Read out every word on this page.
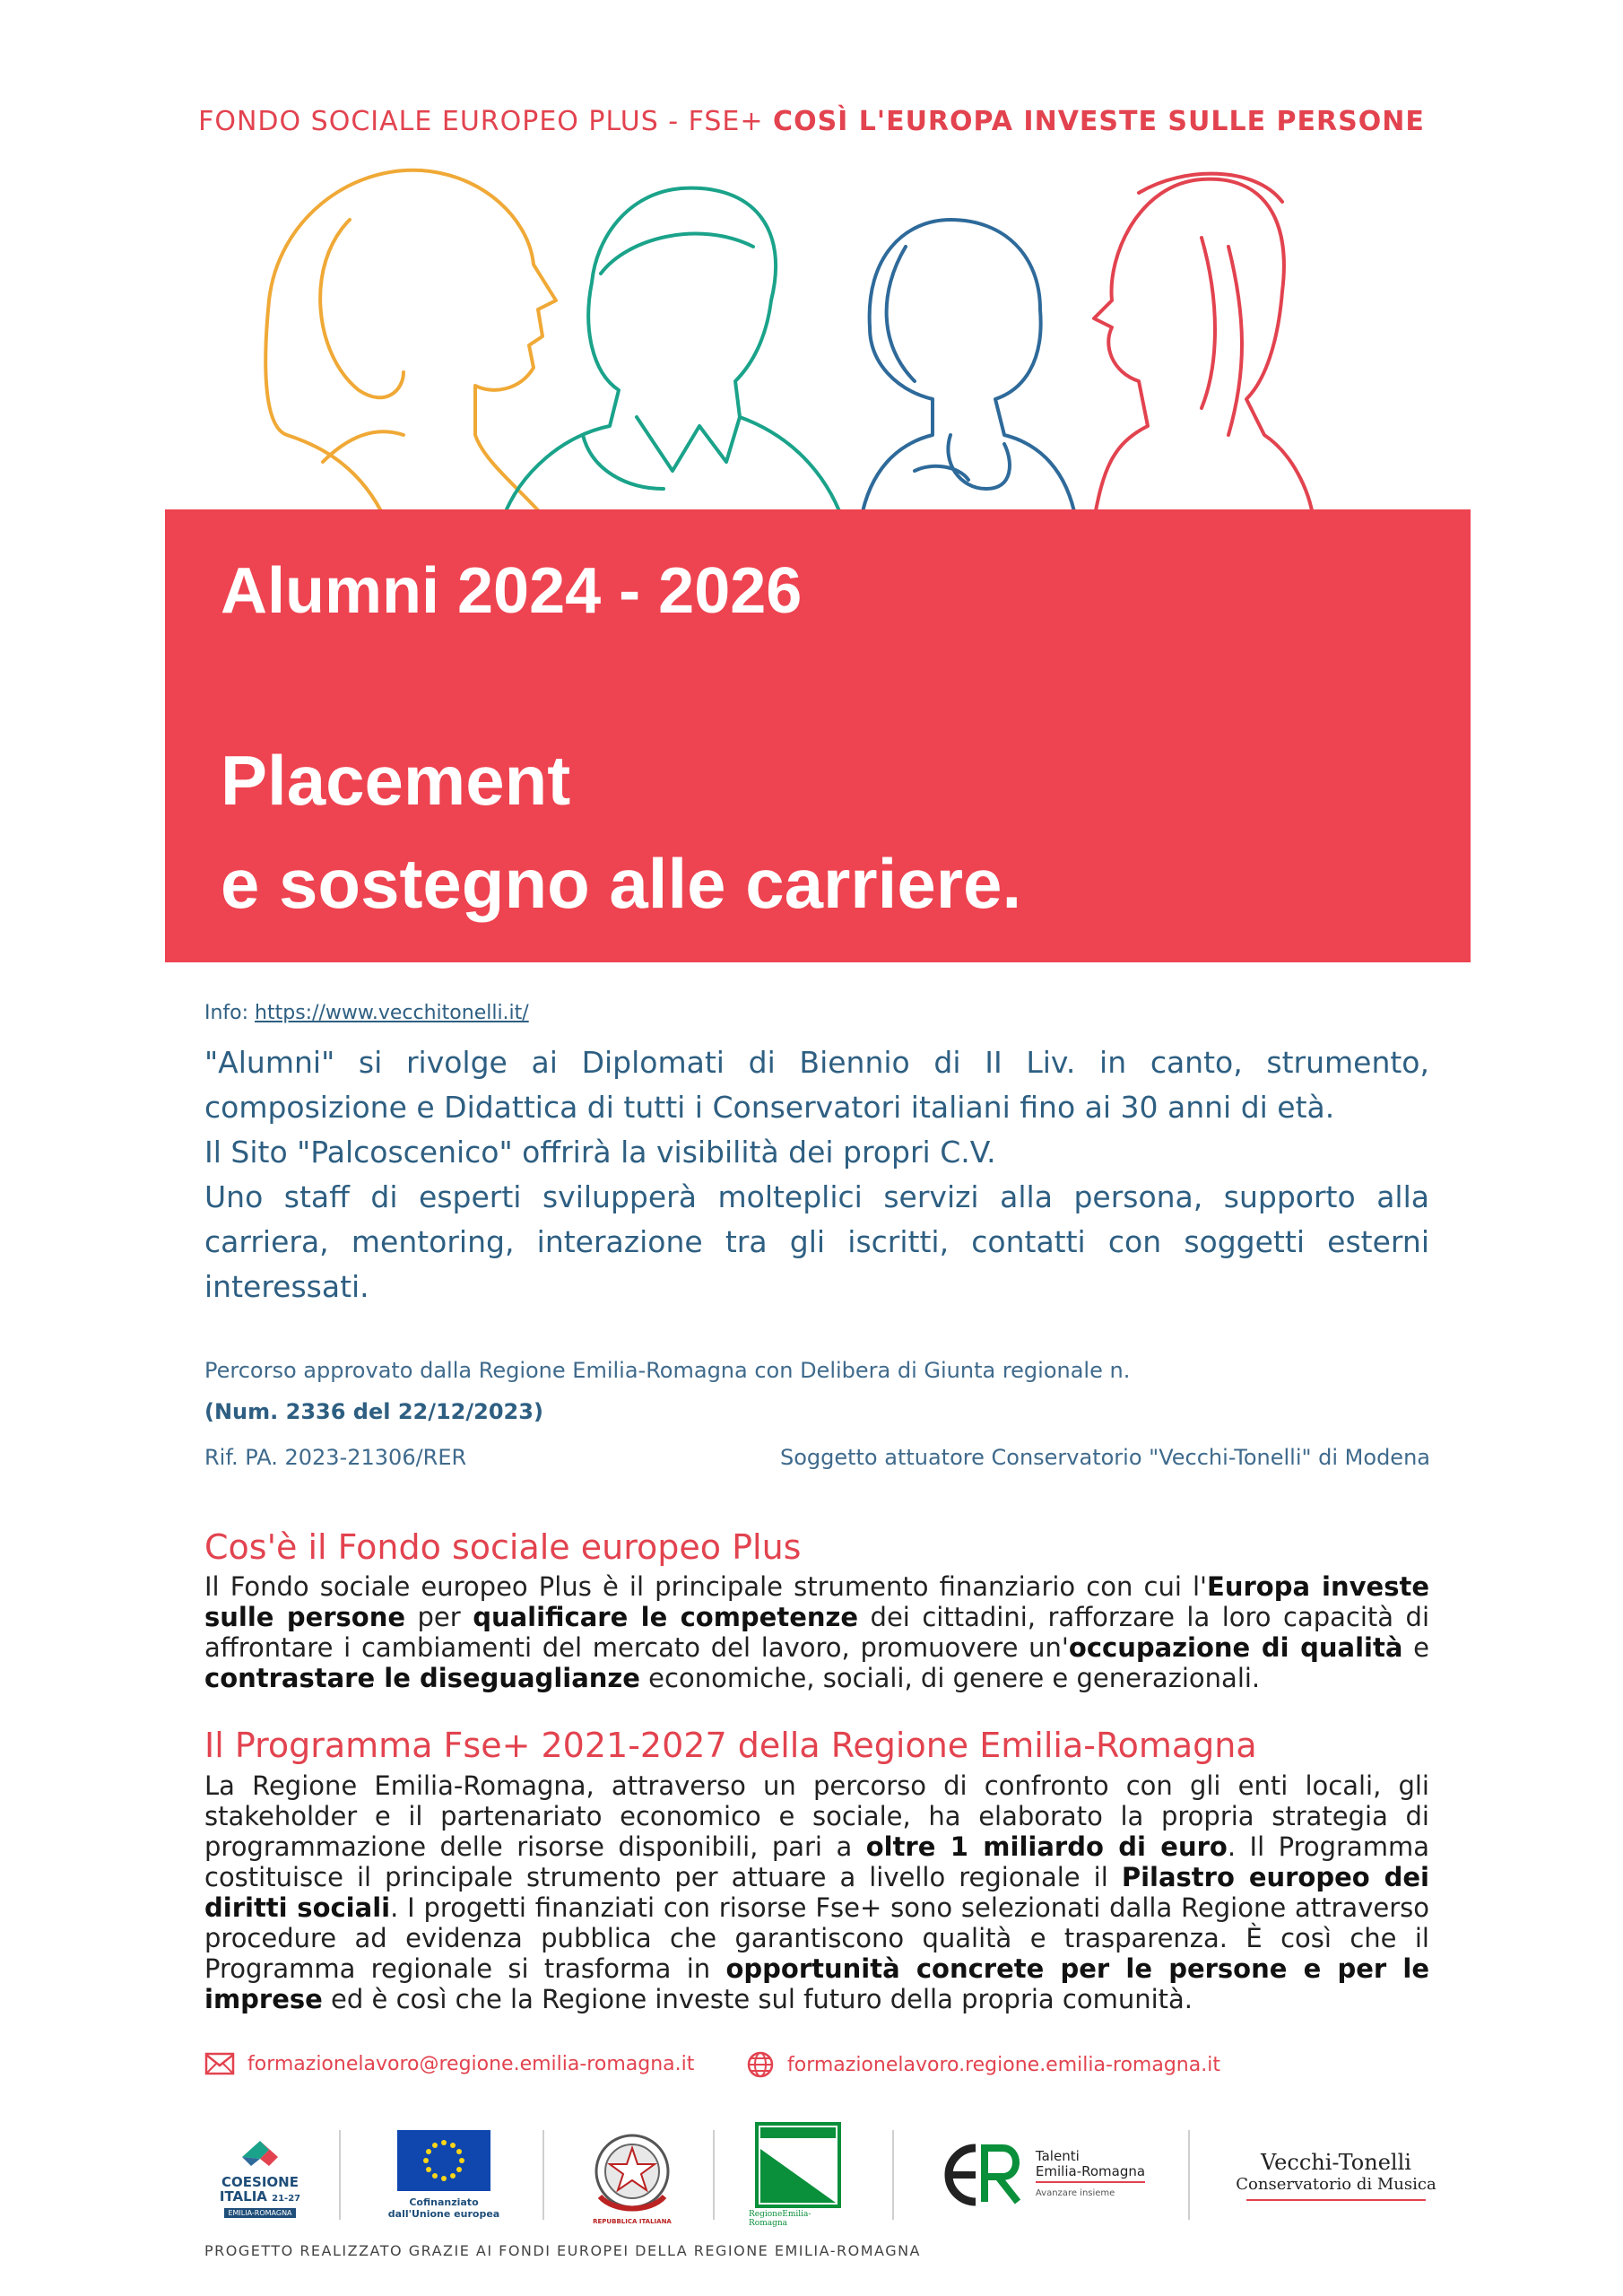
FONDO SOCIALE EUROPEO PLUS - FSE+ COSÌ L'EUROPA INVESTE SULLE PERSONE
Alumni 2024 - 2026
Placement
e sostegno alle carriere.
Info: https://www.vecchitonelli.it/

"Alumni" si rivolge ai Diplomati di Biennio di II Liv. in canto, strumento, composizione e Didattica di tutti i Conservatori italiani fino ai 30 anni di età.

Il Sito "Palcoscenico" offrirà la visibilità dei propri C.V.

Uno staff di esperti svilupperà molteplici servizi alla persona, supporto alla carriera, mentoring, interazione tra gli iscritti, contatti con soggetti esterni interessati.

Percorso approvato dalla Regione Emilia-Romagna con Delibera di Giunta regionale n.
(Num. 2336 del 22/12/2023)
Rif. PA. 2023-21306/RER	Soggetto attuatore Conservatorio "Vecchi-Tonelli" di Modena
Cos'è il Fondo sociale europeo Plus
Il Fondo sociale europeo Plus è il principale strumento finanziario con cui l'Europa investe sulle persone per qualificare le competenze dei cittadini, rafforzare la loro capacità di affrontare i cambiamenti del mercato del lavoro, promuovere un'occupazione di qualità e contrastare le diseguaglianze economiche, sociali, di genere e generazionali.
Il Programma Fse+ 2021-2027 della Regione Emilia-Romagna
La Regione Emilia-Romagna, attraverso un percorso di confronto con gli enti locali, gli stakeholder e il partenariato economico e sociale, ha elaborato la propria strategia di programmazione delle risorse disponibili, pari a oltre 1 miliardo di euro. Il Programma costituisce il principale strumento per attuare a livello regionale il Pilastro europeo dei diritti sociali. I progetti finanziati con risorse Fse+ sono selezionati dalla Regione attraverso procedure ad evidenza pubblica che garantiscono qualità e trasparenza. È così che il Programma regionale si trasforma in opportunità concrete per le persone e per le imprese ed è così che la Regione investe sul futuro della propria comunità.
formazionelavoro@regione.emilia-romagna.it	formazionelavoro.regione.emilia-romagna.it
COESIONE
ITALIA 21-27
EMILIA-ROMAGNA
Cofinanziato
dall'Unione europea
REPUBBLICA ITALIANA
RegioneEmilia-Romagna
Talenti
Emilia-Romagna
Avanzare insieme
Vecchi-Tonelli
Conservatorio di Musica
PROGETTO REALIZZATO GRAZIE AI FONDI EUROPEI DELLA REGIONE EMILIA-ROMAGNA
